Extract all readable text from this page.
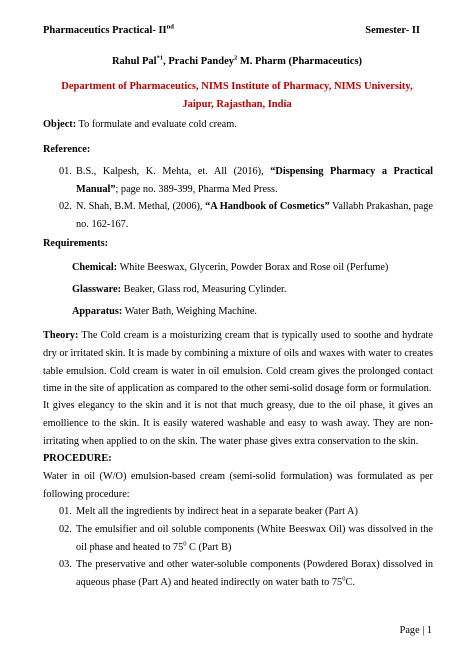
Pharmaceutics Practical- IInd	Semester- II
Rahul Pal$^{*1}$, Prachi Pandey$^2$ M. Pharm (Pharmaceutics)
Department of Pharmaceutics, NIMS Institute of Pharmacy, NIMS University, Jaipur, Rajasthan, India
Object: To formulate and evaluate cold cream.
Reference:
01. B.S., Kalpesh, K. Mehta, et. All (2016), “Dispensing Pharmacy a Practical Manual”; page no. 389-399, Pharma Med Press.
02. N. Shah, B.M. Methal, (2006), “A Handbook of Cosmetics” Vallabh Prakashan, page no. 162-167.
Requirements:
Chemical: White Beeswax, Glycerin, Powder Borax and Rose oil (Perfume)
Glassware: Beaker, Glass rod, Measuring Cylinder.
Apparatus: Water Bath, Weighing Machine.
Theory: The Cold cream is a moisturizing cream that is typically used to soothe and hydrate dry or irritated skin. It is made by combining a mixture of oils and waxes with water to creates table emulsion. Cold cream is water in oil emulsion. Cold cream gives the prolonged contact time in the site of application as compared to the other semi-solid dosage form or formulation.
It gives elegancy to the skin and it is not that much greasy, due to the oil phase, it gives an emollience to the skin. It is easily watered washable and easy to wash away. They are non-irritating when applied to on the skin. The water phase gives extra conservation to the skin.
PROCEDURE:
Water in oil (W/O) emulsion-based cream (semi-solid formulation) was formulated as per following procedure:
01. Melt all the ingredients by indirect heat in a separate beaker (Part A)
02. The emulsifier and oil soluble components (White Beeswax Oil) was dissolved in the oil phase and heated to $75^0$ C (Part B)
03. The preservative and other water-soluble components (Powdered Borax) dissolved in aqueous phase (Part A) and heated indirectly on water bath to $75^0C$.
Page | 1
